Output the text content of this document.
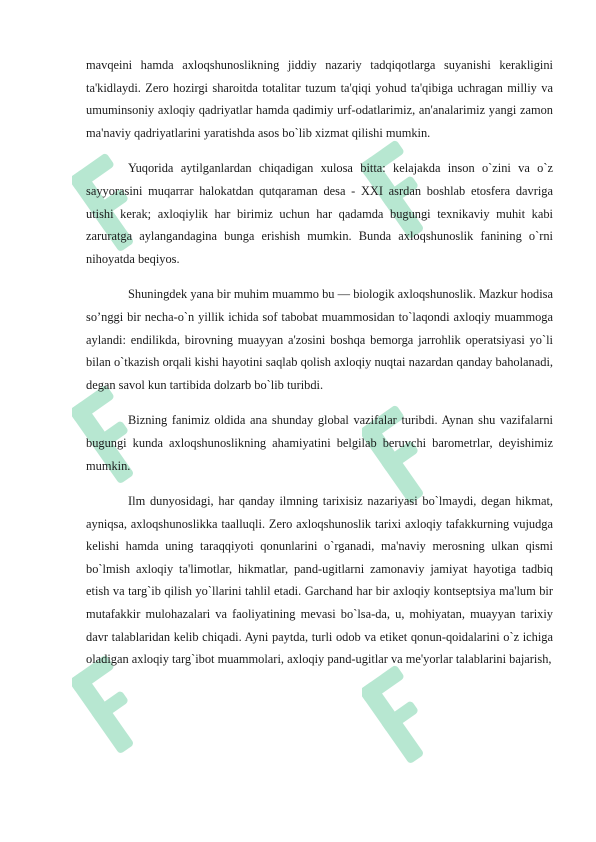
mavqeini hamda axloqshunoslikning jiddiy nazariy tadqiqotlarga suyanishi kerakligini ta'kidlaydi. Zero hozirgi sharoitda totalitar tuzum ta'qiqi yohud ta'qibiga uchragan milliy va umuminsoniy axloqiy qadriyatlar hamda qadimiy urf-odatlarimiz, an'analarimiz yangi zamon ma'naviy qadriyatlarini yaratishda asos bo`lib xizmat qilishi mumkin.

Yuqorida aytilganlardan chiqadigan xulosa bitta: kelajakda inson o`zini va o`z sayyorasini muqarrar halokatdan qutqaraman desa - XXI asrdan boshlab etosfera davriga utishi kerak; axloqiylik har birimiz uchun har qadamda bugungi texnikaviy muhit kabi zaruratga aylangandagina bunga erishish mumkin. Bunda axloqshunoslik fanining o`rni nihoyatda beqiyos.

Shuningdek yana bir muhim muammo bu — biologik axloqshunoslik. Mazkur hodisa so’nggi bir necha-o`n yillik ichida sof tabobat muammosidan to`laqondi axloqiy muammoga aylandi: endilikda, birovning muayyan a'zosini boshqa bemorga jarrohlik operatsiyasi yo`li bilan o`tkazish orqali kishi hayotini saqlab qolish axloqiy nuqtai nazardan qanday baholanadi, degan savol kun tartibida dolzarb bo`lib turibdi.

Bizning fanimiz oldida ana shunday global vazifalar turibdi. Aynan shu vazifalarni bugungi kunda axloqshunoslikning ahamiyatini belgilab beruvchi barometrlar, deyishimiz mumkin.

Ilm dunyosidagi, har qanday ilmning tarixisiz nazariyasi bo`lmaydi, degan hikmat, ayniqsa, axloqshunoslikka taalluqli. Zero axloqshunoslik tarixi axloqiy tafakkurning vujudga kelishi hamda uning taraqqiyoti qonunlarini o`rganadi, ma'naviy merosning ulkan qismi bo`lmish axloqiy ta'limotlar, hikmatlar, pand-ugitlarni zamonaviy jamiyat hayotiga tadbiq etish va targ`ib qilish yo`llarini tahlil etadi. Garchand har bir axloqiy kontseptsiya ma'lum bir mutafakkir mulohazalari va faoliyatining mevasi bo`lsa-da, u, mohiyatan, muayyan tarixiy davr talablaridan kelib chiqadi. Ayni paytda, turli odob va etiket qonun-qoidalarini o`z ichiga oladigan axloqiy targ`ibot muammolari, axloqiy pand-ugitlar va me'yorlar talablarini bajarish,
